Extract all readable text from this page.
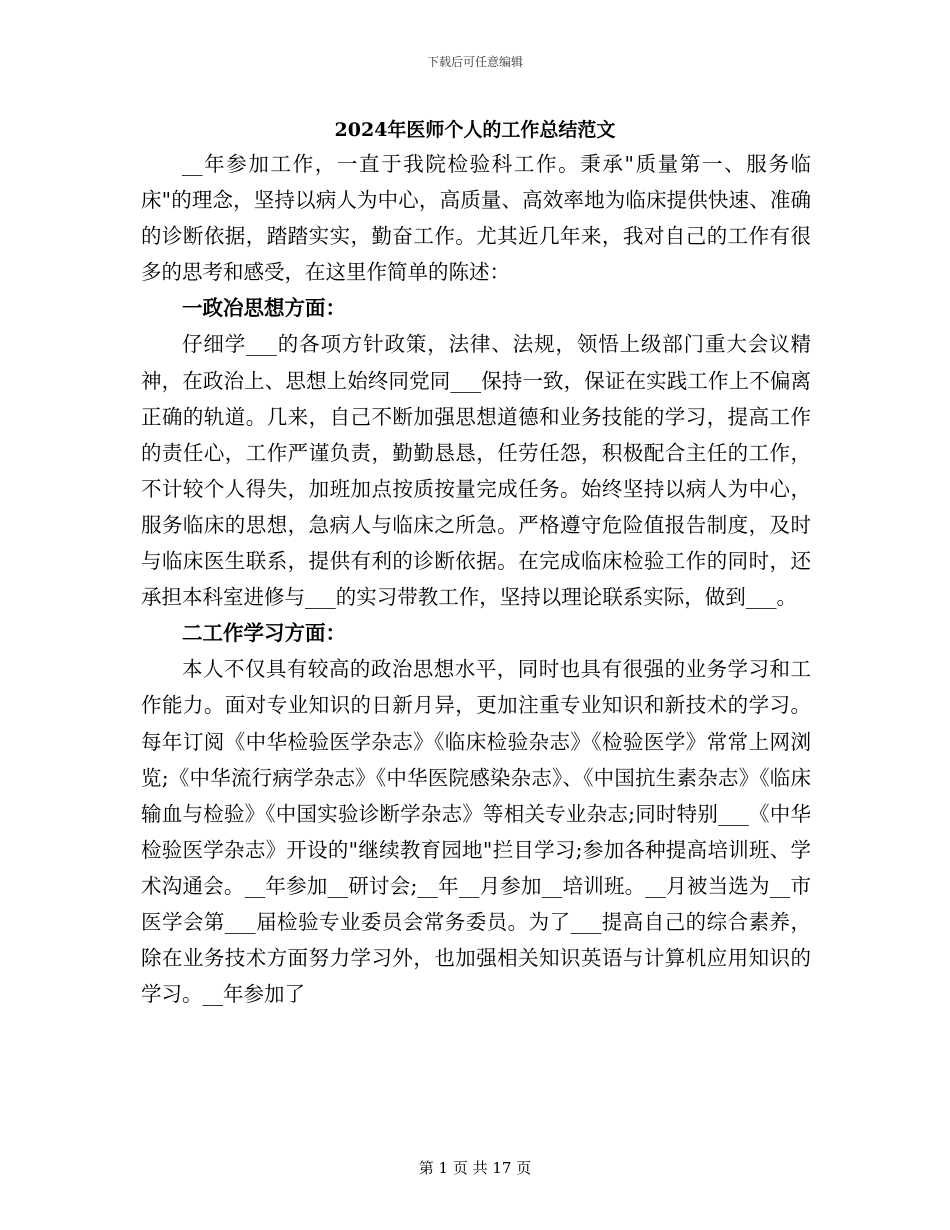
下载后可任意编辑
2024年医师个人的工作总结范文

__年参加工作，一直于我院检验科工作。秉承"质量第一、服务临床"的理念，坚持以病人为中心，高质量、高效率地为临床提供快速、准确的诊断依据，踏踏实实，勤奋工作。尤其近几年来，我对自己的工作有很多的思考和感受，在这里作简单的陈述：

一政冶思想方面：

仔细学___的各项方针政策，法律、法规，领悟上级部门重大会议精神，在政治上、思想上始终同党同___保持一致，保证在实践工作上不偏离正确的轨道。几来，自己不断加强思想道德和业务技能的学习，提高工作的责任心，工作严谨负责，勤勤恳恳，任劳任怨，积极配合主任的工作，不计较个人得失，加班加点按质按量完成任务。始终坚持以病人为中心，服务临床的思想，急病人与临床之所急。严格遵守危险值报告制度，及时与临床医生联系，提供有利的诊断依据。在完成临床检验工作的同时，还承担本科室进修与___的实习带教工作，坚持以理论联系实际，做到___。

二工作学习方面：

本人不仅具有较高的政治思想水平，同时也具有很强的业务学习和工作能力。面对专业知识的日新月异，更加注重专业知识和新技术的学习。每年订阅《中华检验医学杂志》《临床检验杂志》《检验医学》常常上网浏览;《中华流行病学杂志》《中华医院感染杂志》、《中国抗生素杂志》《临床输血与检验》《中国实验诊断学杂志》等相关专业杂志;同时特别___《中华检验医学杂志》开设的"继续教育园地"拦目学习;参加各种提高培训班、学术沟通会。__年参加__研讨会;__年__月参加__培训班。__月被当选为__市医学会第___届检验专业委员会常务委员。为了___提高自己的综合素养，除在业务技术方面努力学习外，也加强相关知识英语与计算机应用知识的学习。__年参加了

第 1 页 共 17 页
